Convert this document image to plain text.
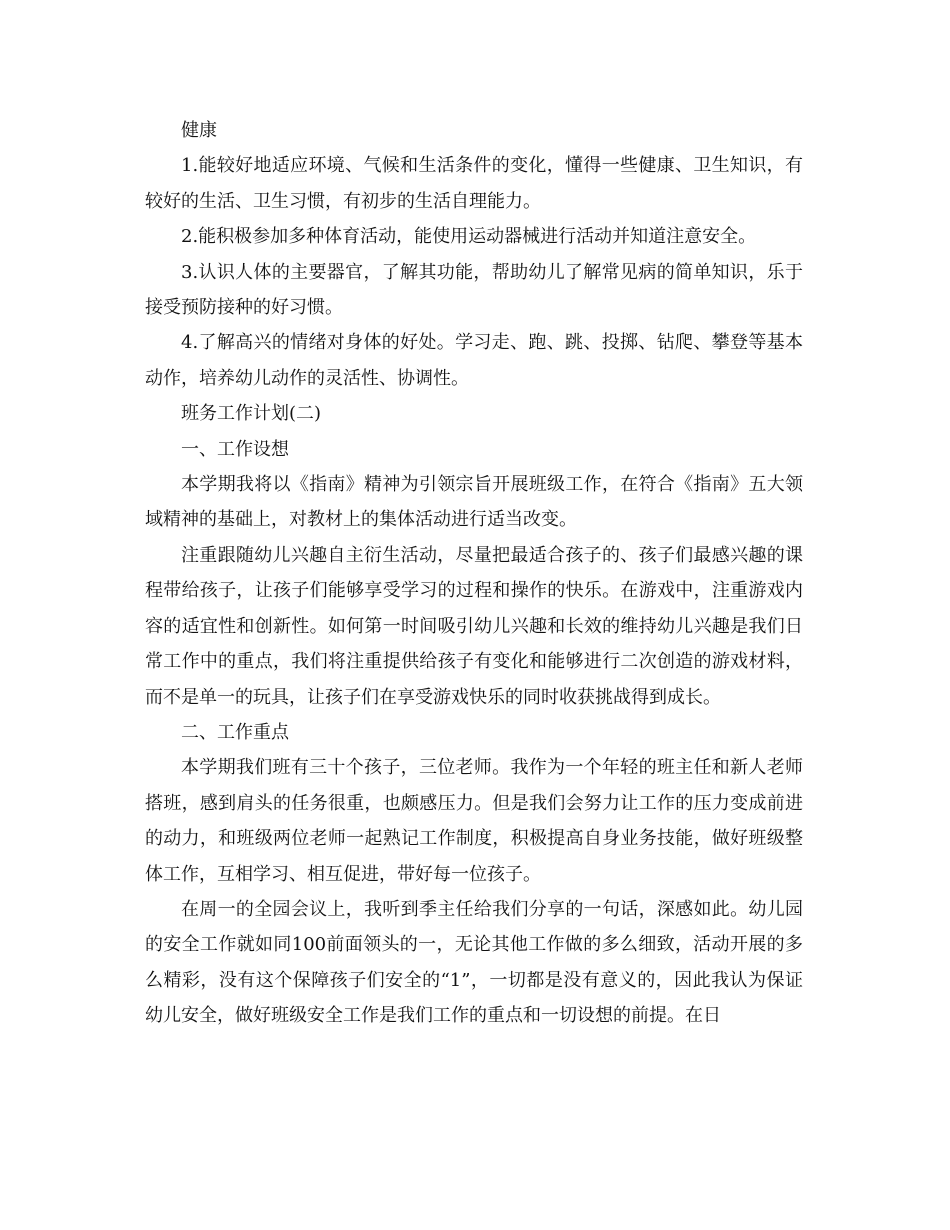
健康

1.能较好地适应环境、气候和生活条件的变化，懂得一些健康、卫生知识，有较好的生活、卫生习惯，有初步的生活自理能力。

2.能积极参加多种体育活动，能使用运动器械进行活动并知道注意安全。

3.认识人体的主要器官，了解其功能，帮助幼儿了解常见病的简单知识，乐于接受预防接种的好习惯。

4.了解高兴的情绪对身体的好处。学习走、跑、跳、投掷、钻爬、攀登等基本动作，培养幼儿动作的灵活性、协调性。

班务工作计划(二)

一、工作设想

本学期我将以《指南》精神为引领宗旨开展班级工作，在符合《指南》五大领域精神的基础上，对教材上的集体活动进行适当改变。

注重跟随幼儿兴趣自主衍生活动，尽量把最适合孩子的、孩子们最感兴趣的课程带给孩子，让孩子们能够享受学习的过程和操作的快乐。在游戏中，注重游戏内容的适宜性和创新性。如何第一时间吸引幼儿兴趣和长效的维持幼儿兴趣是我们日常工作中的重点，我们将注重提供给孩子有变化和能够进行二次创造的游戏材料，而不是单一的玩具，让孩子们在享受游戏快乐的同时收获挑战得到成长。

二、工作重点

本学期我们班有三十个孩子，三位老师。我作为一个年轻的班主任和新人老师搭班，感到肩头的任务很重，也颇感压力。但是我们会努力让工作的压力变成前进的动力，和班级两位老师一起熟记工作制度，积极提高自身业务技能，做好班级整体工作，互相学习、相互促进，带好每一位孩子。

在周一的全园会议上，我听到季主任给我们分享的一句话，深感如此。幼儿园的安全工作就如同100前面领头的一，无论其他工作做的多么细致，活动开展的多么精彩，没有这个保障孩子们安全的“1”，一切都是没有意义的，因此我认为保证幼儿安全，做好班级安全工作是我们工作的重点和一切设想的前提。在日
